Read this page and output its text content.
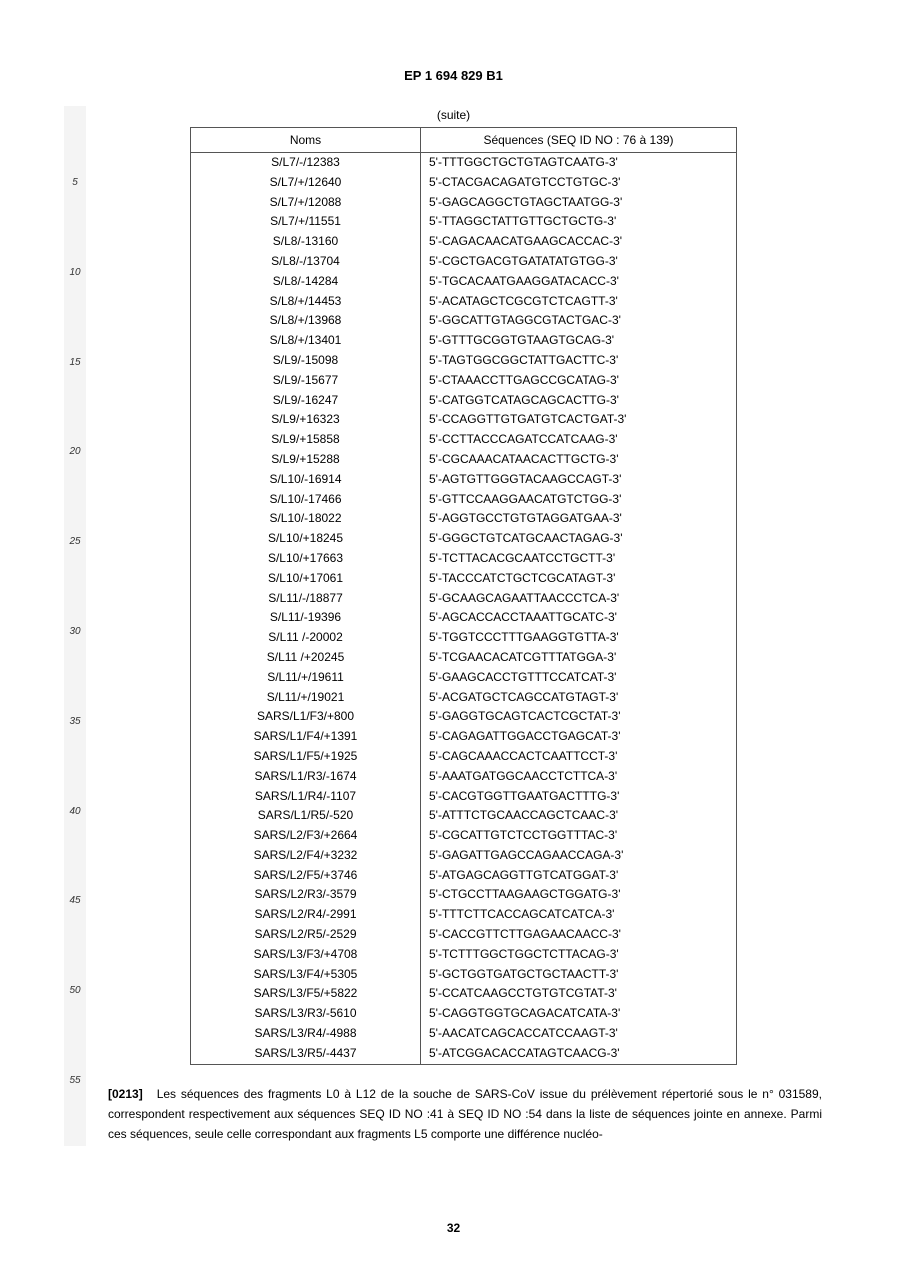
5
10
15
20
25
30
35
40
45
50
55
EP 1 694 829 B1
(suite)
Noms	Séquences (SEQ ID NO : 76 à 139)
S/L7/-/12383	5'-TTTGGCTGCTGTAGTCAATG-3'
S/L7/+/12640	5'-CTACGACAGATGTCCTGTGC-3'
S/L7/+/12088	5'-GAGCAGGCTGTAGCTAATGG-3'
S/L7/+/11551	5'-TTAGGCTATTGTTGCTGCTG-3'
S/L8/-13160	5'-CAGACAACATGAAGCACCAC-3'
S/L8/-/13704	5'-CGCTGACGTGATATATGTGG-3'
S/L8/-14284	5'-TGCACAATGAAGGATACACC-3'
S/L8/+/14453	5'-ACATAGCTCGCGTCTCAGTT-3'
S/L8/+/13968	5'-GGCATTGTAGGCGTACTGAC-3'
S/L8/+/13401	5'-GTTTGCGGTGTAAGTGCAG-3'
S/L9/-15098	5'-TAGTGGCGGCTATTGACTTC-3'
S/L9/-15677	5'-CTAAACCTTGAGCCGCATAG-3'
S/L9/-16247	5'-CATGGTCATAGCAGCACTTG-3'
S/L9/+16323	5'-CCAGGTTGTGATGTCACTGAT-3'
S/L9/+15858	5'-CCTTACCCAGATCCATCAAG-3'
S/L9/+15288	5'-CGCAAACATAACACTTGCTG-3'
S/L10/-16914	5'-AGTGTTGGGTACAAGCCAGT-3'
S/L10/-17466	5'-GTTCCAAGGAACATGTCTGG-3'
S/L10/-18022	5'-AGGTGCCTGTGTAGGATGAA-3'
S/L10/+18245	5'-GGGCTGTCATGCAACTAGAG-3'
S/L10/+17663	5'-TCTTACACGCAATCCTGCTT-3'
S/L10/+17061	5'-TACCCATCTGCTCGCATAGT-3'
S/L11/-/18877	5'-GCAAGCAGAATTAACCCTCA-3'
S/L11/-19396	5'-AGCACCACCTAAATTGCATC-3'
S/L11 /-20002	5'-TGGTCCCTTTGAAGGTGTTA-3'
S/L11 /+20245	5'-TCGAACACATCGTTTATGGA-3'
S/L11/+/19611	5'-GAAGCACCTGTTTCCATCAT-3'
S/L11/+/19021	5'-ACGATGCTCAGCCATGTAGT-3'
SARS/L1/F3/+800	5'-GAGGTGCAGTCACTCGCTAT-3'
SARS/L1/F4/+1391	5'-CAGAGATTGGACCTGAGCAT-3'
SARS/L1/F5/+1925	5'-CAGCAAACCACTCAATTCCT-3'
SARS/L1/R3/-1674	5'-AAATGATGGCAACCTCTTCA-3'
SARS/L1/R4/-1107	5'-CACGTGGTTGAATGACTTTG-3'
SARS/L1/R5/-520	5'-ATTTCTGCAACCAGCTCAAC-3'
SARS/L2/F3/+2664	5'-CGCATTGTCTCCTGGTTTAC-3'
SARS/L2/F4/+3232	5'-GAGATTGAGCCAGAACCAGA-3'
SARS/L2/F5/+3746	5'-ATGAGCAGGTTGTCATGGAT-3'
SARS/L2/R3/-3579	5'-CTGCCTTAAGAAGCTGGATG-3'
SARS/L2/R4/-2991	5'-TTTCTTCACCAGCATCATCA-3'
SARS/L2/R5/-2529	5'-CACCGTTCTTGAGAACAACC-3'
SARS/L3/F3/+4708	5'-TCTTTGGCTGGCTCTTACAG-3'
SARS/L3/F4/+5305	5'-GCTGGTGATGCTGCTAACTT-3'
SARS/L3/F5/+5822	5'-CCATCAAGCCTGTGTCGTAT-3'
SARS/L3/R3/-5610	5'-CAGGTGGTGCAGACATCATA-3'
SARS/L3/R4/-4988	5'-AACATCAGCACCATCCAAGT-3'
SARS/L3/R5/-4437	5'-ATCGGACACCATAGTCAACG-3'
[0213] Les séquences des fragments L0 à L12 de la souche de SARS-CoV issue du prélèvement répertorié sous le n° 031589, correspondent respectivement aux séquences SEQ ID NO :41 à SEQ ID NO :54 dans la liste de séquences jointe en annexe. Parmi ces séquences, seule celle correspondant aux fragments L5 comporte une différence nucléo-
32
